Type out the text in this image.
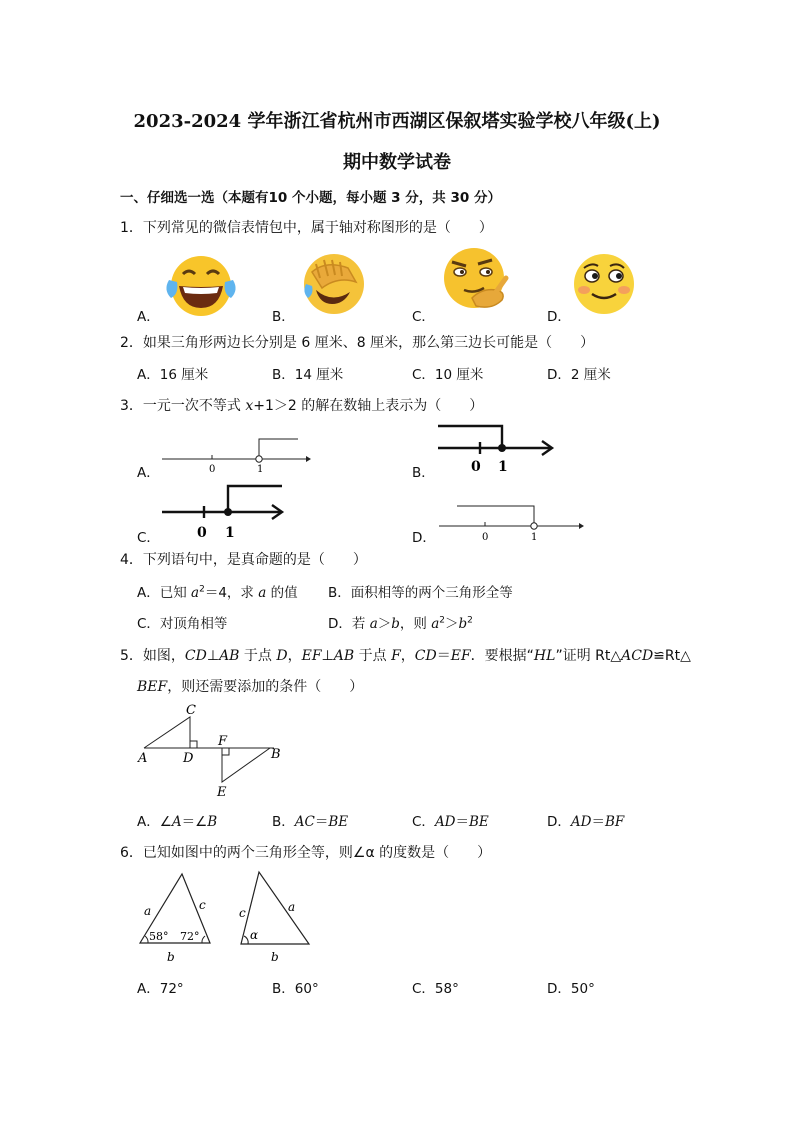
2023-2024 学年浙江省杭州市西湖区保叙塔实验学校八年级(上)
期中数学试卷
一、仔细选一选（本题有10 个小题，每小题 3 分，共 30 分）
1．下列常见的微信表情包中，属于轴对称图形的是（　　）
A．	B．	C．	D．
2．如果三角形两边长分别是 6 厘米、8 厘米，那么第三边长可能是（　　）
A．16 厘米	B．14 厘米	C．10 厘米	D．2 厘米
3．一元一次不等式 x+1＞2 的解在数轴上表示为（　　）
A．	B．
C．	D．
0	1	0 1
0 1	0	1
4．下列语句中，是真命题的是（　　）
A．已知 $a^2=4$，求 a 的值 B．面积相等的两个三角形全等
C．对顶角相等	D．若 a＞b，则 $a^2>b^2$
5．如图，CD⊥AB 于点 D，EF⊥AB 于点 F，CD＝EF．要根据“HL”证明 Rt△ACD≌Rt△
BEF，则还需要添加的条件（　　）
C
A	D
F
B
E
A．∠A＝∠B	B．AC＝BE	C．AD＝BE	D．AD＝BF
6．已知如图中的两个三角形全等，则∠α 的度数是（　　）
a	c
b
58° 72°
c	a
b
α
A．72°	B．60°	C．58°	D．50°
